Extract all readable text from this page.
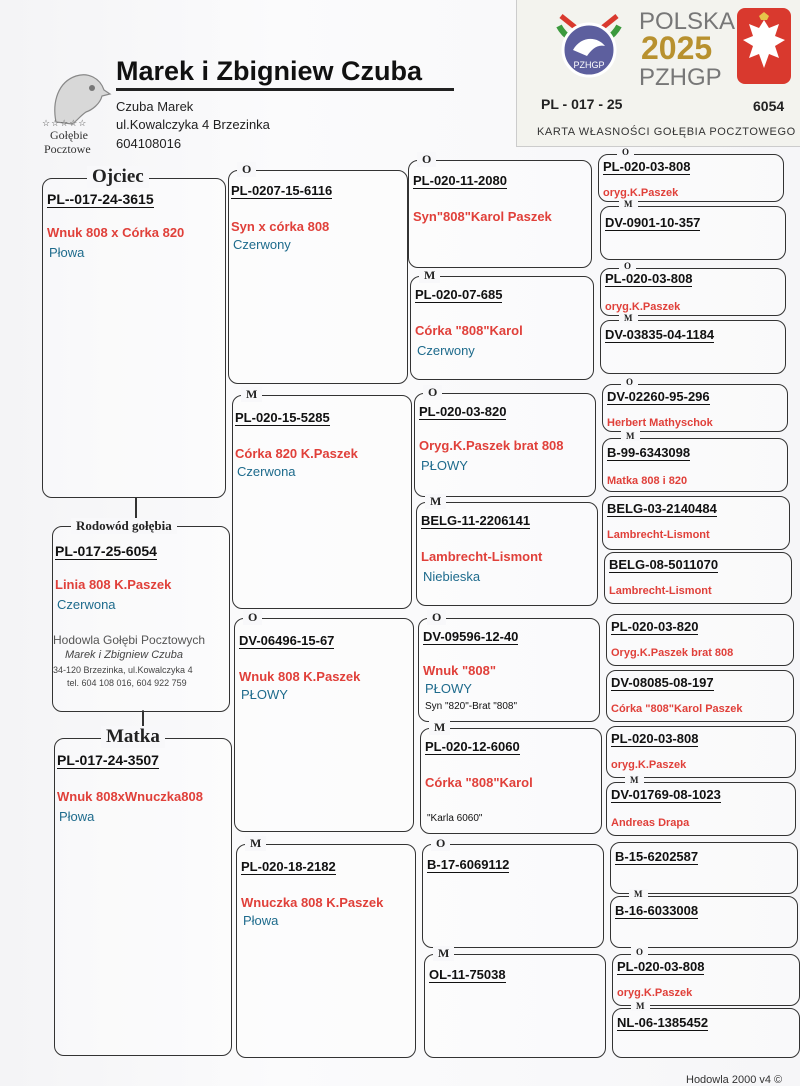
☆☆☆☆☆
Gołębie
Pocztowe
Marek i Zbigniew Czuba
Czuba Marek
ul.Kowalczyka 4 Brzezinka
604108016
PZHGP
POLSKA
2025
PZHGP
PL - 017 - 25	6054
KARTA WŁASNOŚCI GOŁĘBIA POCZTOWEGO
Ojciec
PL--017-24-3615
Wnuk 808 x Córka 820
Płowa
Rodowód gołębia
PL-017-25-6054
Linia 808 K.Paszek
Czerwona
Hodowla Gołębi Pocztowych
Marek i Zbigniew Czuba
34-120 Brzezinka, ul.Kowalczyka 4
tel. 604 108 016, 604 922 759
Matka
PL-017-24-3507
Wnuk 808xWnuczka808
Płowa
O
PL-0207-15-6116
Syn x córka 808
Czerwony
M
PL-020-15-5285
Córka 820 K.Paszek
Czerwona
O
DV-06496-15-67
Wnuk 808 K.Paszek
PŁOWY
M
PL-020-18-2182
Wnuczka 808 K.Paszek
Płowa
O
PL-020-11-2080
Syn"808"Karol Paszek
M
PL-020-07-685
Córka "808"Karol
Czerwony
O
PL-020-03-820
Oryg.K.Paszek brat 808
PŁOWY
M
BELG-11-2206141
Lambrecht-Lismont
Niebieska
O
DV-09596-12-40
Wnuk "808"
PŁOWY
Syn "820"-Brat "808"
M
PL-020-12-6060
Córka "808"Karol
"Karla 6060"
O
B-17-6069112
M
OL-11-75038
O
PL-020-03-808
oryg.K.Paszek
M
DV-0901-10-357
O
PL-020-03-808
oryg.K.Paszek
M
DV-03835-04-1184
O
DV-02260-95-296
Herbert Mathyschok
M
B-99-6343098
Matka 808 i 820
BELG-03-2140484
Lambrecht-Lismont
BELG-08-5011070
Lambrecht-Lismont
PL-020-03-820
Oryg.K.Paszek brat 808
DV-08085-08-197
Córka "808"Karol Paszek
PL-020-03-808
oryg.K.Paszek
M
DV-01769-08-1023
Andreas Drapa
B-15-6202587
M
B-16-6033008
O
PL-020-03-808
oryg.K.Paszek
M
NL-06-1385452
Hodowla 2000 v4 ©
